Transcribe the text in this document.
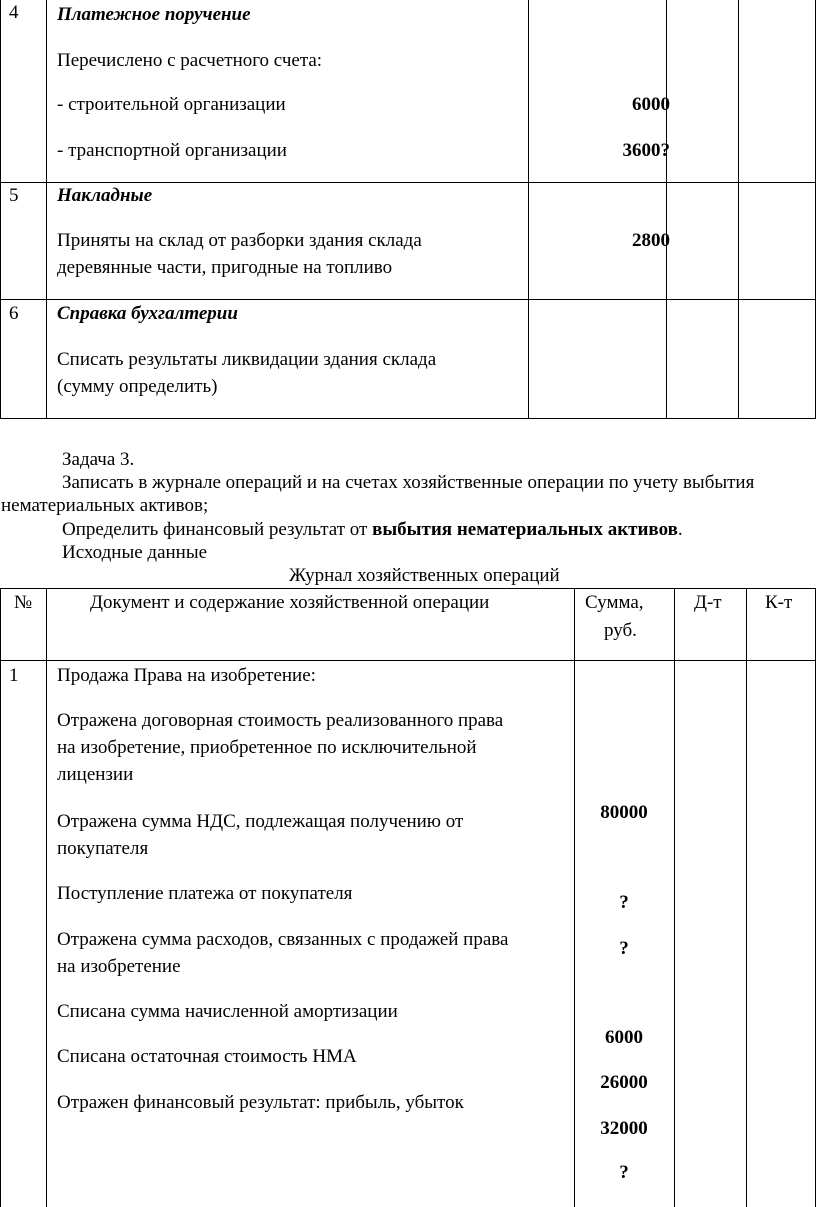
4 Платежное поручение
Перечислено с расчетного счета:
- строительной организации
- транспортной организации
6000
3600?
5 Накладные
Приняты на склад от разборки здания склада
деревянные части, пригодные на топливо
2800
6 Справка бухгалтерии
Списать результаты ликвидации здания склада
(сумму определить)
Задача 3.
Записать в журнале операций и на счетах хозяйственные операции по учету выбытия
нематериальных активов;
Определить финансовый результат от выбытия нематериальных активов.
Исходные данные
Журнал хозяйственных операций
№	Документ и содержание хозяйственной операции	Сумма,
руб.
Д-т К-т
1 Продажа Права на изобретение:
Отражена договорная стоимость реализованного права
на изобретение, приобретенное по исключительной
лицензии
Отражена сумма НДС, подлежащая получению от
покупателя
Поступление платежа от покупателя
Отражена сумма расходов, связанных с продажей права
на изобретение
Списана сумма начисленной амортизации
Списана остаточная стоимость НМА
Отражен финансовый результат: прибыль, убыток
80000
?
?
6000
26000
32000
?
